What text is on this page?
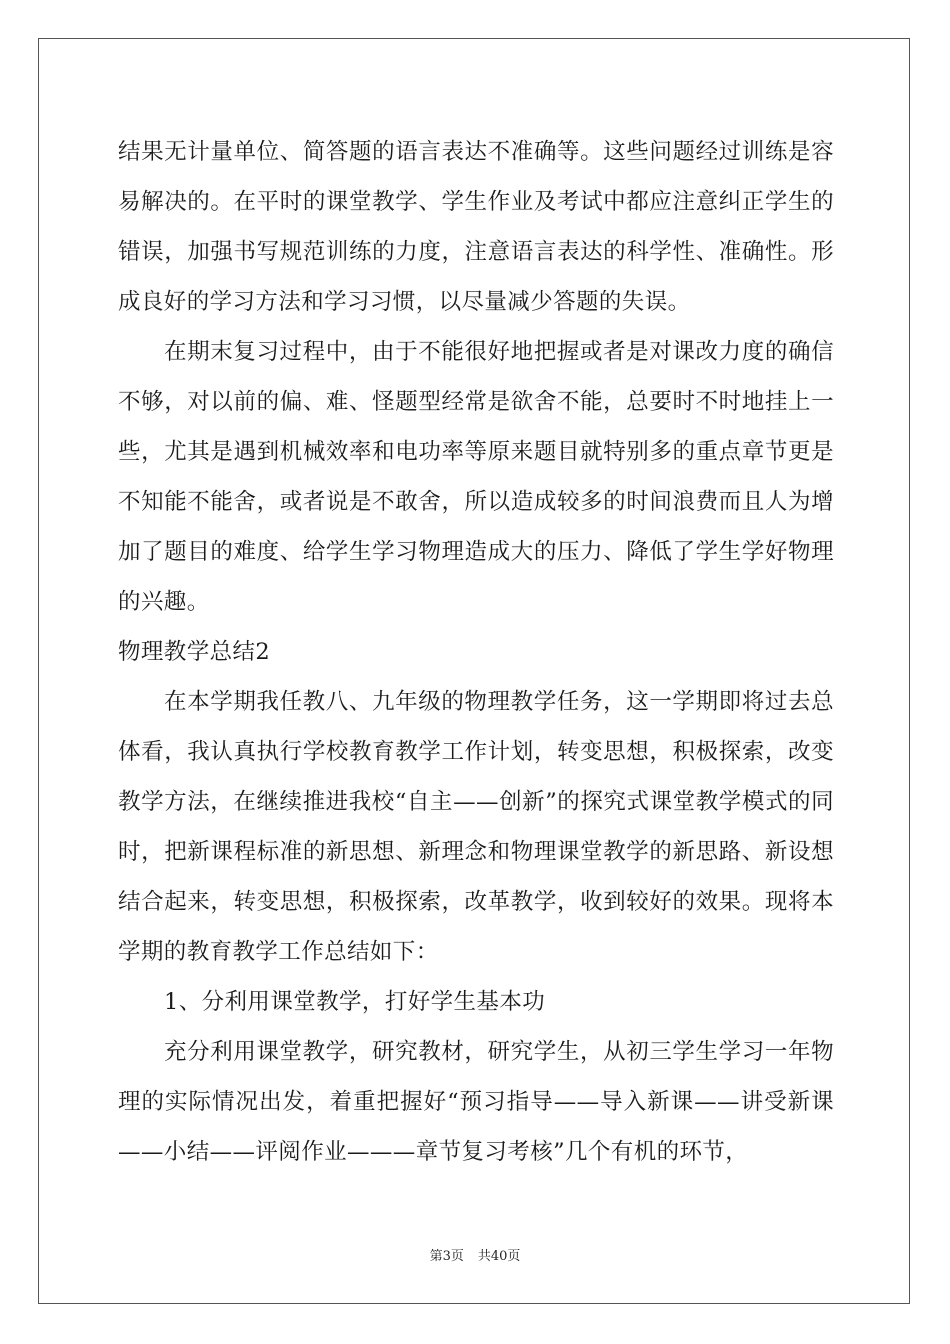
结果无计量单位、简答题的语言表达不准确等。这些问题经过训练是容易解决的。在平时的课堂教学、学生作业及考试中都应注意纠正学生的错误，加强书写规范训练的力度，注意语言表达的科学性、准确性。形成良好的学习方法和学习习惯，以尽量减少答题的失误。

在期末复习过程中，由于不能很好地把握或者是对课改力度的确信不够，对以前的偏、难、怪题型经常是欲舍不能，总要时不时地挂上一些，尤其是遇到机械效率和电功率等原来题目就特别多的重点章节更是不知能不能舍，或者说是不敢舍，所以造成较多的时间浪费而且人为增加了题目的难度、给学生学习物理造成大的压力、降低了学生学好物理的兴趣。

物理教学总结2

在本学期我任教八、九年级的物理教学任务，这一学期即将过去总体看，我认真执行学校教育教学工作计划，转变思想，积极探索，改变教学方法，在继续推进我校“自主——创新”的探究式课堂教学模式的同时，把新课程标准的新思想、新理念和物理课堂教学的新思路、新设想结合起来，转变思想，积极探索，改革教学，收到较好的效果。现将本学期的教育教学工作总结如下：

1、分利用课堂教学，打好学生基本功

充分利用课堂教学，研究教材，研究学生，从初三学生学习一年物理的实际情况出发，着重把握好“预习指导——导入新课——讲受新课——小结——评阅作业———章节复习考核”几个有机的环节，

第3页 共40页
